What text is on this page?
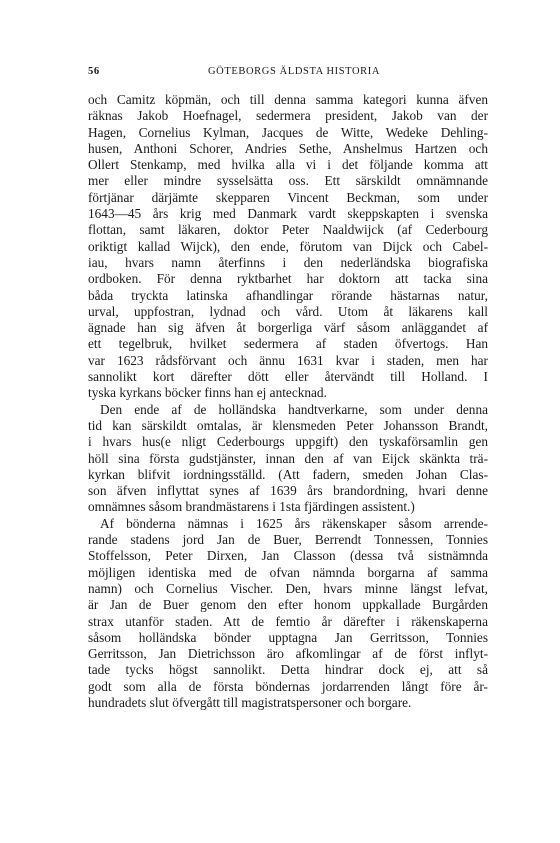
56	GÖTEBORGS ÄLDSTA HISTORIA
och Camitz köpmän, och till denna samma kategori kunna äfven
räknas Jakob Hoefnagel, sedermera president, Jakob van der
Hagen, Cornelius Kylman, Jacques de Witte, Wedeke Dehling-
husen, Anthoni Schorer, Andries Sethe, Anshelmus Hartzen och
Ollert Stenkamp, med hvilka alla vi i det följande komma att
mer eller mindre sysselsätta oss. Ett särskildt omnämnande
förtjänar därjämte skepparen Vincent Beckman, som under
1643—45 års krig med Danmark vardt skeppskapten i svenska
flottan, samt läkaren, doktor Peter Naaldwijck (af Cederbourg
oriktigt kallad Wijck), den ende, förutom van Dijck och Cabel-
iau, hvars namn återfinns i den nederländska biografiska
ordboken. För denna ryktbarhet har doktorn att tacka sina
båda tryckta latinska afhandlingar rörande hästarnas natur,
urval, uppfostran, lydnad och vård. Utom åt läkarens kall
ägnade han sig äfven åt borgerliga värf såsom anläggandet af
ett tegelbruk, hvilket sedermera af staden öfvertogs. Han
var 1623 rådsförvant och ännu 1631 kvar i staden, men har
sannolikt kort därefter dött eller återvändt till Holland. I
tyska kyrkans böcker finns han ej antecknad.
Den ende af de holländska handtverkarne, som under denna
tid kan särskildt omtalas, är klensmeden Peter Johansson Brandt,
i hvars hus(e nligt Cederbourgs uppgift) den tyskaförsamlin gen
höll sina första gudstjänster, innan den af van Eijck skänkta trä-
kyrkan blifvit iordningsställd. (Att fadern, smeden Johan Clas-
son äfven inflyttat synes af 1639 års brandordning, hvari denne
omnämnes såsom brandmästarens i 1sta fjärdingen assistent.)
Af bönderna nämnas i 1625 års räkenskaper såsom arrende-
rande stadens jord Jan de Buer, Berrendt Tonnessen, Tonnies
Stoffelsson, Peter Dirxen, Jan Classon (dessa två sistnämnda
möjligen identiska med de ofvan nämnda borgarna af samma
namn) och Cornelius Vischer. Den, hvars minne längst lefvat,
är Jan de Buer genom den efter honom uppkallade Burgården
strax utanför staden. Att de femtio år därefter i räkenskaperna
såsom holländska bönder upptagna Jan Gerritsson, Tonnies
Gerritsson, Jan Dietrichsson äro afkomlingar af de först inflyt-
tade tycks högst sannolikt. Detta hindrar dock ej, att så
godt som alla de första böndernas jordarrenden långt före år-
hundradets slut öfvergått till magistratspersoner och borgare.
